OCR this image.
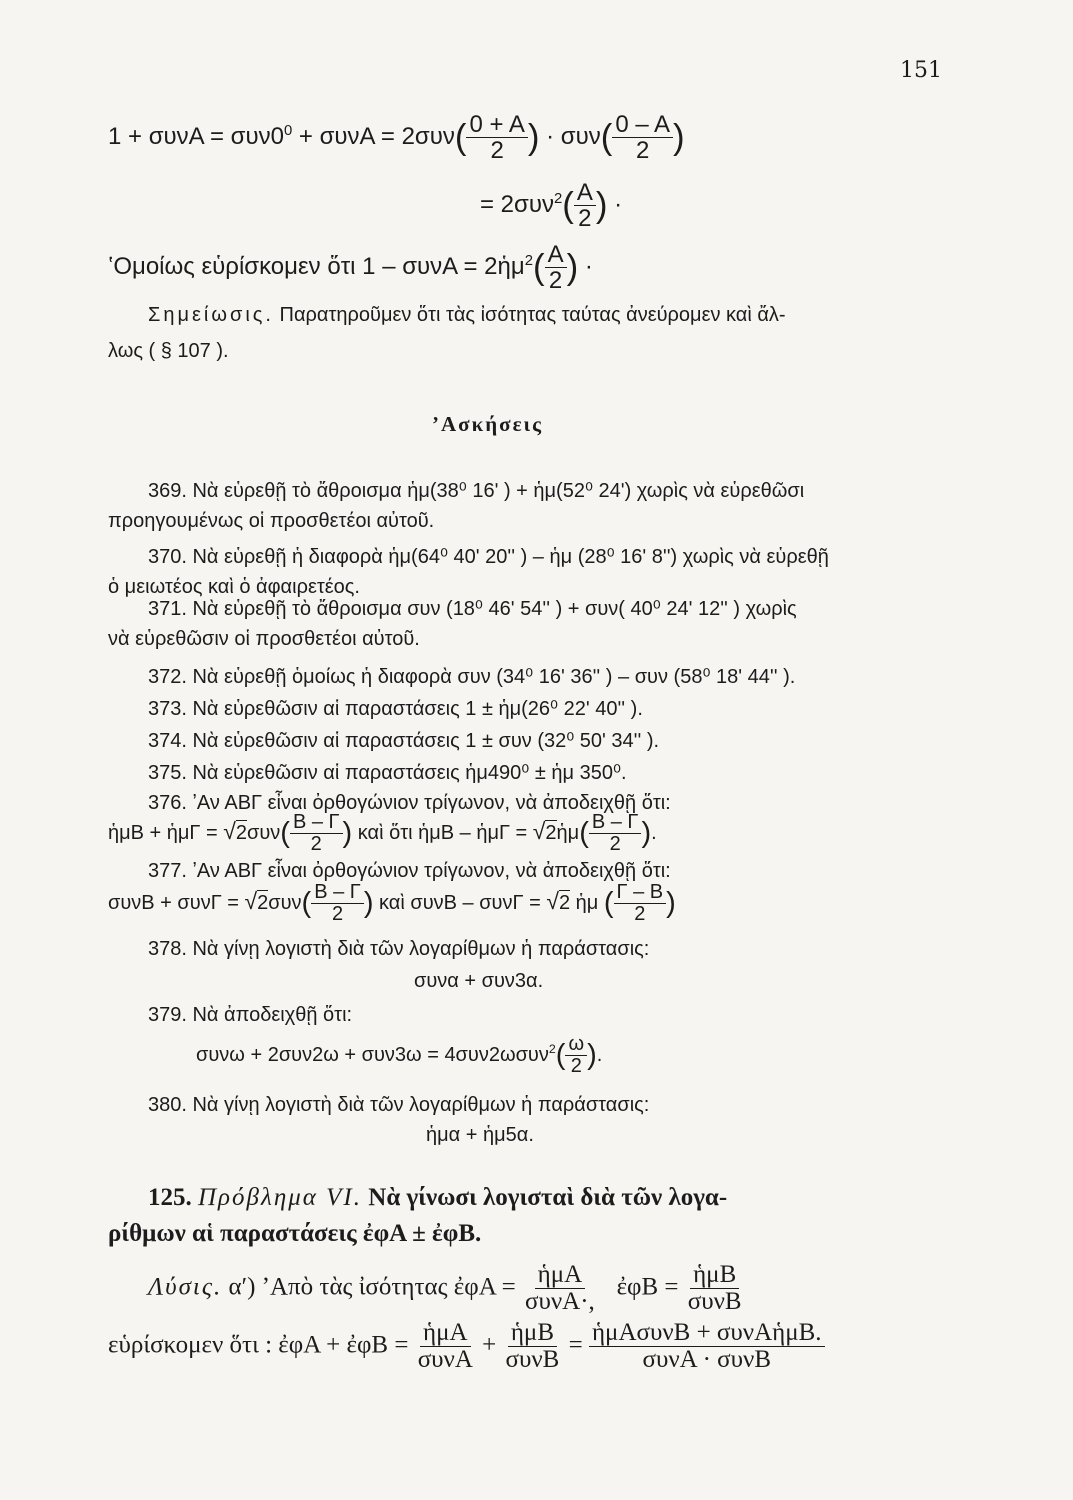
151
$1 + \sigma\upsilon\nu A = \sigma\upsilon\nu 0^0 + \sigma\upsilon\nu A = 2\sigma\upsilon\nu( \frac{0 + A}{2}$ ) · $\sigma\upsilon\nu( \frac{0 - A}{2}$ )
= $2\sigma\upsilon\nu^2( \frac{A}{2}$ ) ·
ʽΟμοίως εὑρίσκομεν ὅτι 1 – συνA = 2ἡμ$^2$( $\frac{A}{2}$ ) ·
Σημείωσις. Παρατηροῦμεν ὅτι τὰς ἰσότητας ταύτας ἀνεύρομεν καὶ ἄλ-
λως ( § 107 ).
ʼΑσκήσεις
369. Νὰ εὑρεθῇ τὸ ἄθροισμα ἡμ(38⁰ 16ʹ ) + ἡμ(52⁰ 24ʹ) χωρὶς νὰ εὑρεθῶσι
προηγουμένως οἱ προσθετέοι αὐτοῦ.
370. Νὰ εὑρεθῇ ἡ διαφορὰ ἡμ(64⁰ 40ʹ 20ʹʹ ) – ἡμ (28⁰ 16ʹ 8ʹʹ) χωρὶς νὰ εὑρεθῇ
ὁ μειωτέος καὶ ὁ ἀφαιρετέος.
371. Νὰ εὑρεθῇ τὸ ἄθροισμα συν (18⁰ 46ʹ 54ʹʹ ) + συν( 40⁰ 24ʹ 12ʹʹ ) χωρὶς
νὰ εὑρεθῶσιν οἱ προσθετέοι αὐτοῦ.
372. Νὰ εὑρεθῇ ὁμοίως ἡ διαφορὰ συν (34⁰ 16ʹ 36ʹʹ ) – συν (58⁰ 18ʹ 44ʹʹ ).
373. Νὰ εὑρεθῶσιν αἱ παραστάσεις 1 ± ἡμ(26⁰ 22ʹ 40ʹʹ ).
374. Νὰ εὑρεθῶσιν αἱ παραστάσεις 1 ± συν (32⁰ 50ʹ 34ʹʹ ).
375. Νὰ εὑρεθῶσιν αἱ παραστάσεις ἡμ490⁰ ± ἡμ 350⁰.
376. ʼΑν ΑΒΓ εἶναι ὀρθογώνιον τρίγωνον, νὰ ἀποδειχθῇ ὅτι:
ἡμB + ἡμΓ = $√2\sigma\upsilon\nu( \frac{B - \Gamma}{2}$ ) καὶ ὅτι ἡμB – ἡμΓ = √2ἡμ( $\frac{B - \Gamma}{2}$ ).
377. ʼΑν ΑΒΓ εἶναι ὀρθογώνιον τρίγωνον, νὰ ἀποδειχθῇ ὅτι:
$\sigma\upsilon\nu B + \sigma\upsilon\nu\Gamma = √2\sigma\upsilon\nu( \frac{B - \Gamma}{2}$ ) καὶ συνB – συνΓ = √2 ἡμ ( $\frac{\Gamma - B}{2}$ )
378. Νὰ γίνῃ λογιστὴ διὰ τῶν λογαρίθμων ἡ παράστασις:
συνα + συν3α.
379. Νὰ ἀποδειχθῇ ὅτι:
$\sigma\upsilon\nu\omega + 2\sigma\upsilon\nu 2\omega + \sigma\upsilon\nu 3\omega = 4\sigma\upsilon\nu 2\omega\sigma\upsilon\nu^2( \frac{\omega}{2}$ ).
380. Νὰ γίνῃ λογιστὴ διὰ τῶν λογαρίθμων ἡ παράστασις:
ἡμα + ἡμ5α.
125. Πρόβλημα VI. Νὰ γίνωσι λογισταὶ διὰ τῶν λογα-
ρίθμων αἱ παραστάσεις ἐφA ± ἐφB.
Λύσις. α′) ʼΑπὸ τὰς ἰσότητας ἐφA = $\frac{\text{ἡμA}}{\text{συνA·,}}$ ἐφB = $\frac{\text{ἡμB}}{\text{συνB}}$
εὑρίσκομεν ὅτι : ἐφA + ἐφB = $\frac{\text{ἡμA}}{\text{συνA}} + \frac{\text{ἡμB}}{\text{συνB}} = \frac{\text{ἡμAσυνB + συνAἡμB.}}{\text{συνA · συνB}}$
